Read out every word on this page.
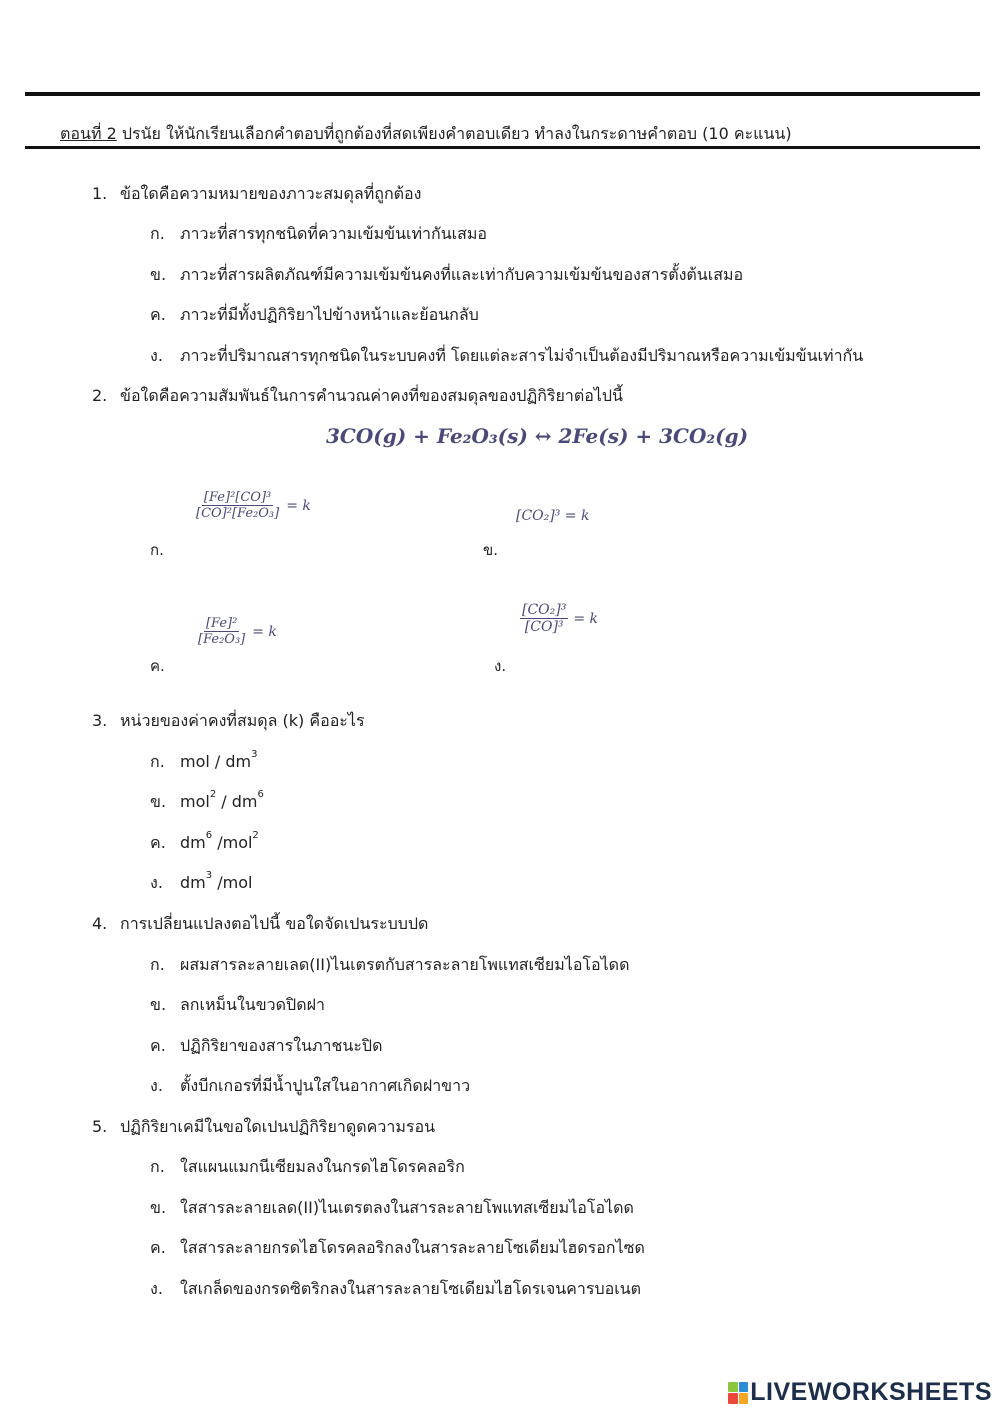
ตอนที่ 2 ปรนัย ให้นักเรียนเลือกคำตอบที่ถูกต้องที่สดเพียงคำตอบเดียว ทำลงในกระดาษคำตอบ (10 คะแนน)
1. ข้อใดคือความหมายของภาวะสมดุลที่ถูกต้อง
ก. ภาวะที่สารทุกชนิดที่ความเข้มข้นเท่ากันเสมอ
ข. ภาวะที่สารผลิตภัณฑ์มีความเข้มข้นคงที่และเท่ากับความเข้มข้นของสารตั้งต้นเสมอ
ค. ภาวะที่มีทั้งปฏิกิริยาไปข้างหน้าและย้อนกลับ
ง. ภาวะที่ปริมาณสารทุกชนิดในระบบคงที่ โดยแต่ละสารไม่จำเป็นต้องมีปริมาณหรือความเข้มข้นเท่ากัน
2. ข้อใดคือความสัมพันธ์ในการคำนวณค่าคงที่ของสมดุลของปฏิกิริยาต่อไปนี้
3CO(g) + Fe₂O₃(s) ↔ 2Fe(s) + 3CO₂(g)
$\frac{\text{[Fe]²[CO]³}}{\text{[CO]²[Fe₂O₃]}} = k$
ก.
[CO₂]³ = k
ข.
$\frac{\text{[Fe]²}}{\text{[Fe₂O₃]}} = k$
ค.
$\frac{\text{[CO₂]³}}{\text{[CO]³}} = k$
ง.
3. หน่วยของค่าคงที่สมดุล (k) คืออะไร
ก. mol / $dm^3$
ข. $mol^2 / dm^6$
ค. $dm^6$ /mol$^2$
ง. $dm^3$ /mol
4. การเปลี่ยนแปลงตอไปนี้ ขอใดจัดเปนระบบปด
ก. ผสมสารละลายเลด(II)ไนเตรตกับสารละลายโพแทสเซียมไอโอไดด
ข. ลกเหม็นในขวดปิดฝา
ค. ปฏิกิริยาของสารในภาชนะปิด
ง. ตั้งบีกเกอรที่มีน้ำปูนใสในอากาศเกิดฝาขาว
5. ปฏิกิริยาเคมีในขอใดเปนปฏิกิริยาดูดความรอน
ก. ใสแผนแมกนีเซียมลงในกรดไฮโดรคลอริก
ข. ใสสารละลายเลด(II)ไนเตรตลงในสารละลายโพแทสเซียมไอโอไดด
ค. ใสสารละลายกรดไฮโดรคลอริกลงในสารละลายโซเดียมไฮดรอกไซด
ง. ใสเกล็ดของกรดซิตริกลงในสารละลายโซเดียมไฮโดรเจนคารบอเนต
LIVEWORKSHEETS
